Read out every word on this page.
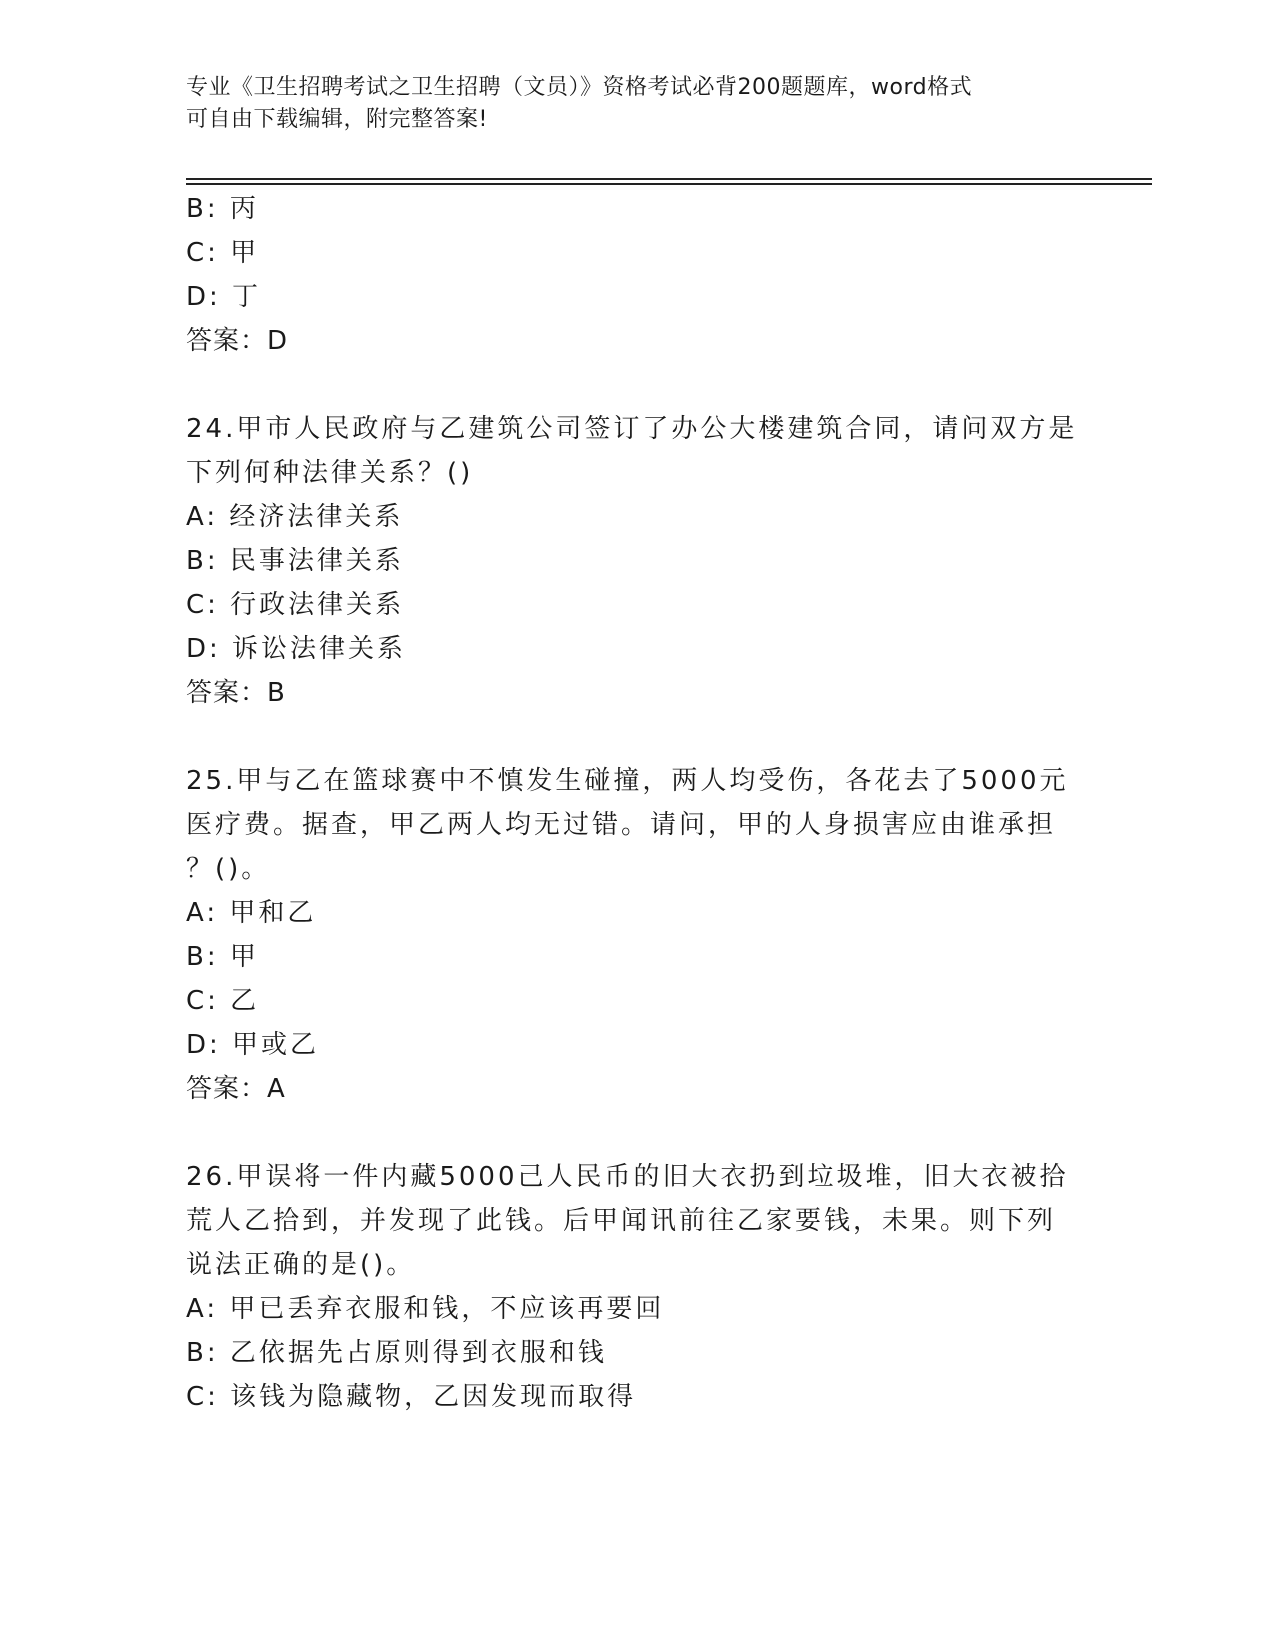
专业《卫生招聘考试之卫生招聘（文员）》资格考试必背200题题库，word格式
可自由下载编辑，附完整答案!
B: 丙
C: 甲
D: 丁
答案：D
24.甲市人民政府与乙建筑公司签订了办公大楼建筑合同，请问双方是
下列何种法律关系？()
A: 经济法律关系
B: 民事法律关系
C: 行政法律关系
D: 诉讼法律关系
答案：B
25.甲与乙在篮球赛中不慎发生碰撞，两人均受伤，各花去了5000元
医疗费。据查，甲乙两人均无过错。请问，甲的人身损害应由谁承担
？()。
A: 甲和乙
B: 甲
C: 乙
D: 甲或乙
答案：A
26.甲误将一件内藏5000己人民币的旧大衣扔到垃圾堆，旧大衣被拾
荒人乙拾到，并发现了此钱。后甲闻讯前往乙家要钱，未果。则下列
说法正确的是()。
A: 甲已丢弃衣服和钱，不应该再要回
B: 乙依据先占原则得到衣服和钱
C: 该钱为隐藏物，乙因发现而取得
